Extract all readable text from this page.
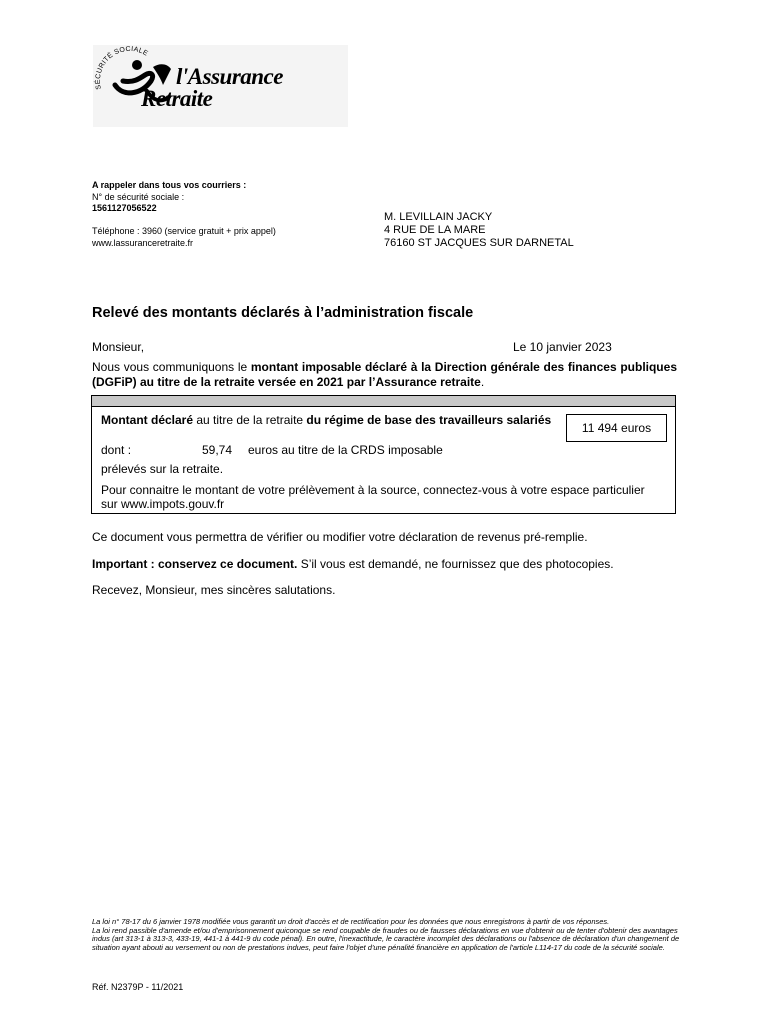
SÉCURITÉ SOCIALE
l'Assurance
Retraite
A rappeler dans tous vos courriers :
N° de sécurité sociale :
1561127056522
Téléphone : 3960 (service gratuit + prix appel)
www.lassuranceretraite.fr
M. LEVILLAIN JACKY
4 RUE DE LA MARE
76160 ST JACQUES SUR DARNETAL
Relevé des montants déclarés à l’administration fiscale
Monsieur,	Le 10 janvier 2023
Nous vous communiquons le montant imposable déclaré à la Direction générale des finances publiques (DGFiP) au titre de la retraite versée en 2021 par l’Assurance retraite.
Montant déclaré au titre de la retraite du régime de base des travailleurs salariés
11 494 euros
dont :	59,74 euros au titre de la CRDS imposable
prélevés sur la retraite.
Pour connaitre le montant de votre prélèvement à la source, connectez-vous à votre espace particulier sur www.impots.gouv.fr
Ce document vous permettra de vérifier ou modifier votre déclaration de revenus pré-remplie.
Important : conservez ce document. S’il vous est demandé, ne fournissez que des photocopies.
Recevez, Monsieur, mes sincères salutations.
La loi n° 78-17 du 6 janvier 1978 modifiée vous garantit un droit d'accès et de rectification pour les données que nous enregistrons à partir de vos réponses.
La loi rend passible d'amende et/ou d'emprisonnement quiconque se rend coupable de fraudes ou de fausses déclarations en vue d'obtenir ou de tenter d'obtenir des avantages indus (art 313-1 à 313-3, 433-19, 441-1 à 441-9 du code pénal). En outre, l'inexactitude, le caractère incomplet des déclarations ou l'absence de déclaration d'un changement de situation ayant abouti au versement ou non de prestations indues, peut faire l'objet d'une pénalité financière en application de l'article L114-17 du code de la sécurité sociale.
Réf. N2379P - 11/2021
